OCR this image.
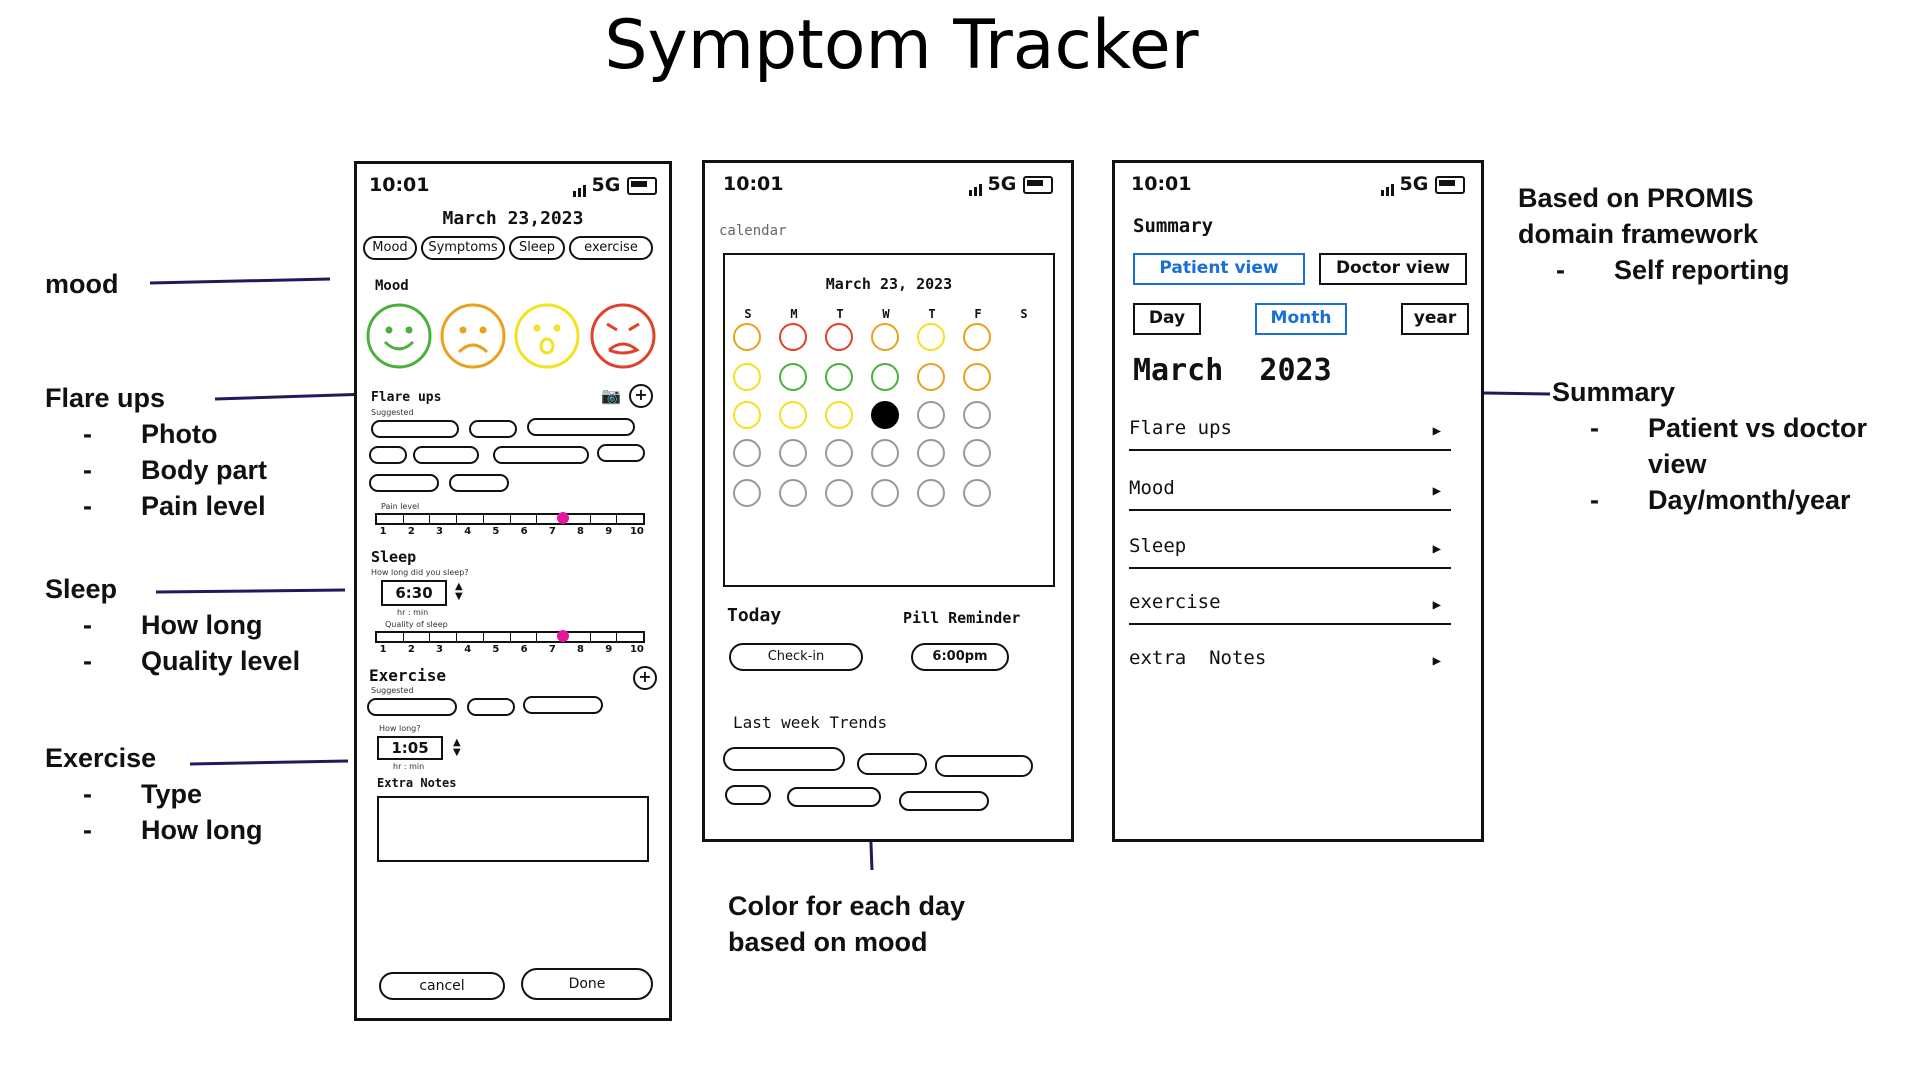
Symptom Tracker
mood
Flare ups
- Photo
- Body part
- Pain level
Sleep
- How long
- Quality level
Exercise
- Type
- How long
Color for each day based on mood
Based on PROMIS
domain framework
- Self reporting
Summary
-	Patient vs doctor view
- Day/month/year
10:01	5G
March 23,2023
Mood	Symptoms	Sleep	exercise
Mood
Flare ups	📷 +
Suggested
Pain level
1	2	3	4	5	6	7	8	9	10
Sleep
How long did you sleep?
6:30	▲
▼
hr : min
Quality of sleep
1	2	3	4	5	6	7	8	9	10
Exercise	+
Suggested
How long?
1:05	▲
▼
hr : min
Extra Notes
cancel	Done
10:01	5G
calendar
March 23, 2023
S	M	T	W	T	F	S
Today
Check-in
Pill Reminder
6:00pm
Last week Trends
10:01	5G
Summary
Patient view	Doctor view
Day	Month	year
March  2023
Flare ups	▶
Mood	▶
Sleep	▶
exercise	▶
extra  Notes	▶
